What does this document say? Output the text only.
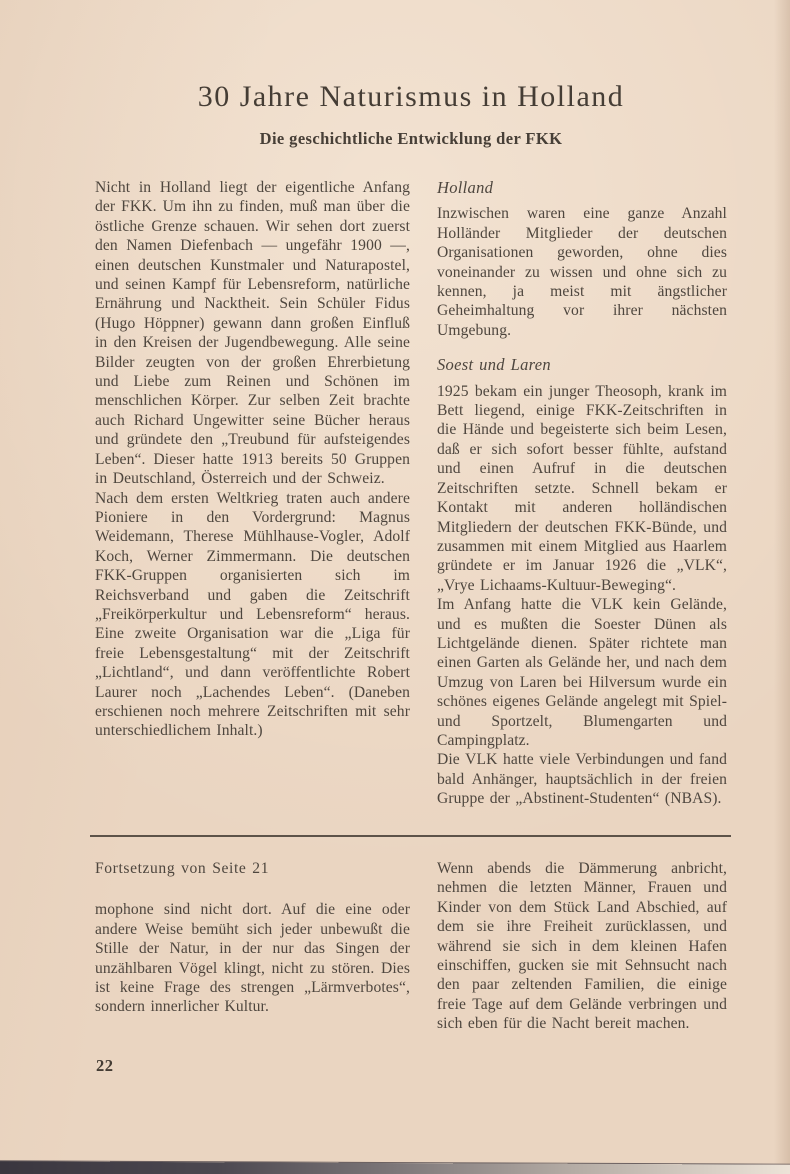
30 Jahre Naturismus in Holland
Die geschichtliche Entwicklung der FKK

Nicht in Holland liegt der eigentliche Anfang der FKK. Um ihn zu finden, muß man über die östliche Grenze schauen. Wir sehen dort zuerst den Namen Diefenbach — ungefähr 1900 —, einen deutschen Kunstmaler und Naturapostel, und seinen Kampf für Lebensreform, natürliche Ernährung und Nacktheit. Sein Schüler Fidus (Hugo Höppner) gewann dann großen Einfluß in den Kreisen der Jugendbewegung. Alle seine Bilder zeugten von der großen Ehrerbietung und Liebe zum Reinen und Schönen im menschlichen Körper. Zur selben Zeit brachte auch Richard Ungewitter seine Bücher heraus und gründete den „Treubund für aufsteigendes Leben“. Dieser hatte 1913 bereits 50 Gruppen in Deutschland, Österreich und der Schweiz.

Nach dem ersten Weltkrieg traten auch andere Pioniere in den Vordergrund: Magnus Weidemann, Therese Mühlhause-Vogler, Adolf Koch, Werner Zimmermann. Die deutschen FKK-Gruppen organisierten sich im Reichsverband und gaben die Zeitschrift „Freikörperkultur und Lebensreform“ heraus. Eine zweite Organisation war die „Liga für freie Lebensgestaltung“ mit der Zeitschrift „Lichtland“, und dann veröffentlichte Robert Laurer noch „Lachendes Leben“. (Daneben erschienen noch mehrere Zeitschriften mit sehr unterschiedlichem Inhalt.)

Holland

Inzwischen waren eine ganze Anzahl Holländer Mitglieder der deutschen Organisationen geworden, ohne dies voneinander zu wissen und ohne sich zu kennen, ja meist mit ängstlicher Geheimhaltung vor ihrer nächsten Umgebung.

Soest und Laren

1925 bekam ein junger Theosoph, krank im Bett liegend, einige FKK-Zeitschriften in die Hände und begeisterte sich beim Lesen, daß er sich sofort besser fühlte, aufstand und einen Aufruf in die deutschen Zeitschriften setzte. Schnell bekam er Kontakt mit anderen holländischen Mitgliedern der deutschen FKK-Bünde, und zusammen mit einem Mitglied aus Haarlem gründete er im Januar 1926 die „VLK“, „Vrye Lichaams-Kultuur-Beweging“.

Im Anfang hatte die VLK kein Gelände, und es mußten die Soester Dünen als Lichtgelände dienen. Später richtete man einen Garten als Gelände her, und nach dem Umzug von Laren bei Hilversum wurde ein schönes eigenes Gelände angelegt mit Spiel- und Sportzelt, Blumengarten und Campingplatz.

Die VLK hatte viele Verbindungen und fand bald Anhänger, hauptsächlich in der freien Gruppe der „Abstinent-Studenten“ (NBAS).

Fortsetzung von Seite 21

mophone sind nicht dort. Auf die eine oder andere Weise bemüht sich jeder unbewußt die Stille der Natur, in der nur das Singen der unzählbaren Vögel klingt, nicht zu stören. Dies ist keine Frage des strengen „Lärmverbotes“, sondern innerlicher Kultur.

Wenn abends die Dämmerung anbricht, nehmen die letzten Männer, Frauen und Kinder von dem Stück Land Abschied, auf dem sie ihre Freiheit zurücklassen, und während sie sich in dem kleinen Hafen einschiffen, gucken sie mit Sehnsucht nach den paar zeltenden Familien, die einige freie Tage auf dem Gelände verbringen und sich eben für die Nacht bereit machen.

22
